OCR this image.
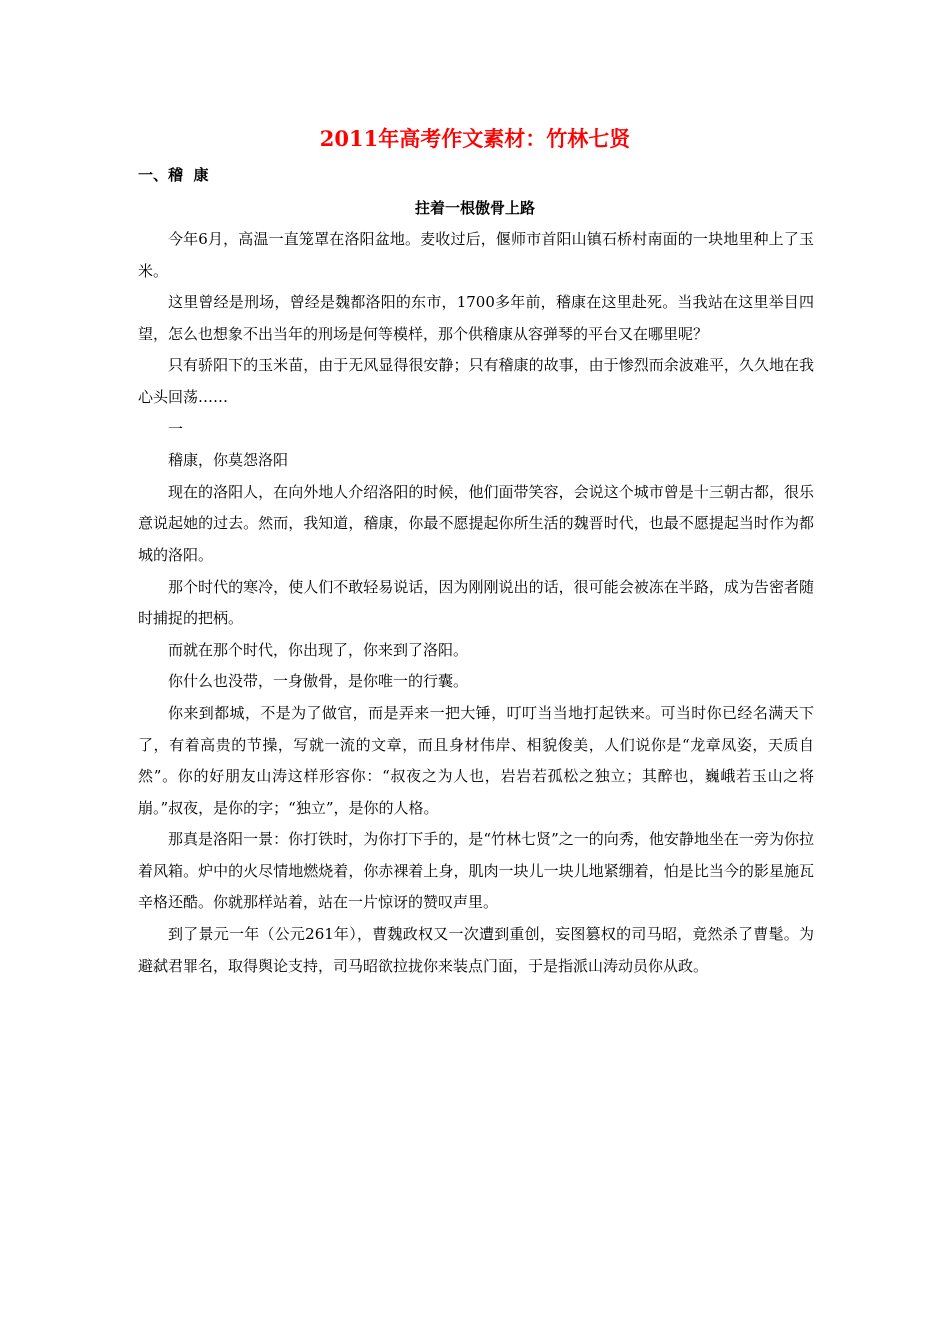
2011年高考作文素材：竹林七贤
一、稽  康
拄着一根傲骨上路

今年6月，高温一直笼罩在洛阳盆地。麦收过后，偃师市首阳山镇石桥村南面的一块地里种上了玉米。

这里曾经是刑场，曾经是魏都洛阳的东市，1700多年前，稽康在这里赴死。当我站在这里举目四望，怎么也想象不出当年的刑场是何等模样，那个供稽康从容弹琴的平台又在哪里呢？

只有骄阳下的玉米苗，由于无风显得很安静；只有稽康的故事，由于惨烈而余波难平，久久地在我心头回荡……

一

稽康，你莫怨洛阳

现在的洛阳人，在向外地人介绍洛阳的时候，他们面带笑容，会说这个城市曾是十三朝古都，很乐意说起她的过去。然而，我知道，稽康，你最不愿提起你所生活的魏晋时代，也最不愿提起当时作为都城的洛阳。

那个时代的寒冷，使人们不敢轻易说话，因为刚刚说出的话，很可能会被冻在半路，成为告密者随时捕捉的把柄。

而就在那个时代，你出现了，你来到了洛阳。

你什么也没带，一身傲骨，是你唯一的行囊。

你来到都城，不是为了做官，而是弄来一把大锤，叮叮当当地打起铁来。可当时你已经名满天下了，有着高贵的节操，写就一流的文章，而且身材伟岸、相貌俊美，人们说你是“龙章凤姿，天质自然”。你的好朋友山涛这样形容你：“叔夜之为人也，岩岩若孤松之独立；其醉也，巍峨若玉山之将崩。”叔夜，是你的字；“独立”，是你的人格。

那真是洛阳一景：你打铁时，为你打下手的，是“竹林七贤”之一的向秀，他安静地坐在一旁为你拉着风箱。炉中的火尽情地燃烧着，你赤裸着上身，肌肉一块儿一块儿地紧绷着，怕是比当今的影星施瓦辛格还酷。你就那样站着，站在一片惊讶的赞叹声里。

到了景元一年（公元261年），曹魏政权又一次遭到重创，妄图篡权的司马昭，竟然杀了曹髦。为避弑君罪名，取得舆论支持，司马昭欲拉拢你来装点门面，于是指派山涛动员你从政。
